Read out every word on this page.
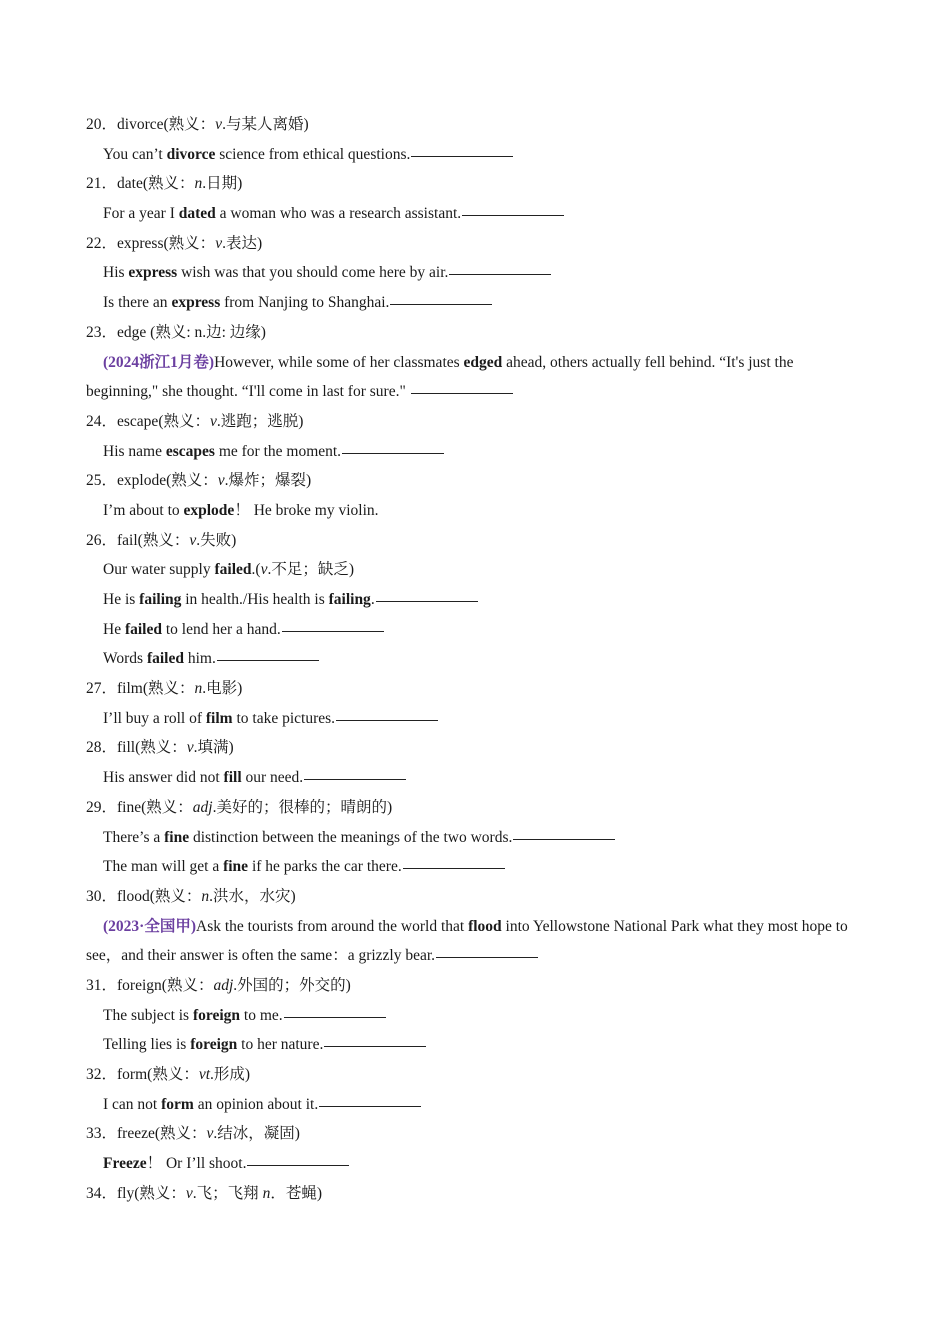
20．divorce(熟义：v.与某人离婚)
You can’t divorce science from ethical questions.
21．date(熟义：n.日期)
For a year I dated a woman who was a research assistant.
22．express(熟义：v.表达)
His express wish was that you should come here by air.
Is there an express from Nanjing to Shanghai.
23．edge (熟义: n.边: 边缘)
(2024浙江1月卷)However, while some of her classmates edged ahead, others actually fell behind. “It's just the beginning," she thought. “I'll come in last for sure."
24．escape(熟义：v.逃跑；逃脱)
His name escapes me for the moment.
25．explode(熟义：v.爆炸；爆裂)
I’m about to explode！ He broke my violin.
26．fail(熟义：v.失败)
Our water supply failed.(v.不足；缺乏)
He is failing in health./His health is failing.
He failed to lend her a hand.
Words failed him.
27．film(熟义：n.电影)
I’ll buy a roll of film to take pictures.
28．fill(熟义：v.填满)
His answer did not fill our need.
29．fine(熟义：adj.美好的；很棒的；晴朗的)
There’s a fine distinction between the meanings of the two words.
The man will get a fine if he parks the car there.
30．flood(熟义：n.洪水，水灾)
(2023·全国甲)Ask the tourists from around the world that flood into Yellowstone National Park what they most hope to see，and their answer is often the same：a grizzly bear.
31．foreign(熟义：adj.外国的；外交的)
The subject is foreign to me.
Telling lies is foreign to her nature.
32．form(熟义：vt.形成)
I can not form an opinion about it.
33．freeze(熟义：v.结冰，凝固)
Freeze！ Or I’ll shoot.
34．fly(熟义：v.飞；飞翔 n．苍蝇)
